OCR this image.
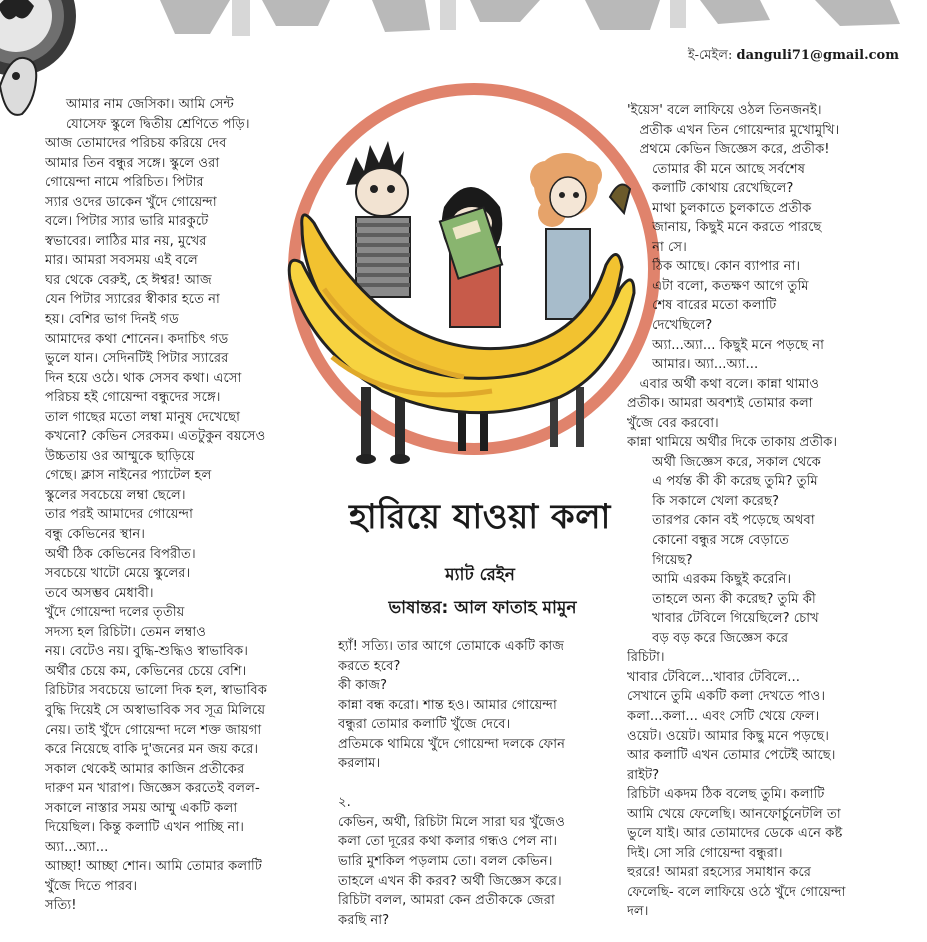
ই-মেইল: danguli71@gmail.com
আমার নাম জেসিকা। আমি সেন্ট
যোসেফ স্কুলে দ্বিতীয় শ্রেণিতে পড়ি।
আজ তোমাদের পরিচয় করিয়ে দেব
আমার তিন বন্ধুর সঙ্গে। স্কুলে ওরা
গোয়েন্দা নামে পরিচিত। পিটার
স্যার ওদের ডাকেন খুঁদে গোয়েন্দা
বলে। পিটার স্যার ভারি মারকুটে
স্বভাবের। লাঠির মার নয়, মুখের
মার। আমরা সবসময় এই বলে
ঘর থেকে বেরুই, হে ঈশ্বর! আজ
যেন পিটার স্যারের স্বীকার হতে না
হয়। বেশির ভাগ দিনই গড
আমাদের কথা শোনেন। কদাচিৎ গড
ভুলে যান। সেদিনটিই পিটার স্যারের
দিন হয়ে ওঠে। থাক সেসব কথা। এসো
পরিচয় হই গোয়েন্দা বন্ধুদের সঙ্গে।
তাল গাছের মতো লম্বা মানুষ দেখেছো
কখনো? কেভিন সেরকম। এতটুকুন বয়সেও
উচ্চতায় ওর আম্মুকে ছাড়িয়ে
গেছে। ক্লাস নাইনের প্যাটেল হল
স্কুলের সবচেয়ে লম্বা ছেলে।
তার পরই আমাদের গোয়েন্দা
বন্ধু কেভিনের স্থান।
অর্থী ঠিক কেভিনের বিপরীত।
সবচেয়ে খাটো মেয়ে স্কুলের।
তবে অসম্ভব মেধাবী।
খুঁদে গোয়েন্দা দলের তৃতীয়
সদস্য হল রিচিটা। তেমন লম্বাও
নয়। বেটেও নয়। বুদ্ধি-শুদ্ধিও স্বাভাবিক।
অর্থীর চেয়ে কম, কেভিনের চেয়ে বেশি।
রিচিটার সবচেয়ে ভালো দিক হল, স্বাভাবিক
বুদ্ধি দিয়েই সে অস্বাভাবিক সব সূত্র মিলিয়ে
নেয়। তাই খুঁদে গোয়েন্দা দলে শক্ত জায়গা
করে নিয়েছে বাকি দু'জনের মন জয় করে।
সকাল থেকেই আমার কাজিন প্রতীকের
দারুণ মন খারাপ। জিজ্ঞেস করতেই বলল-
সকালে নাস্তার সময় আম্মু একটি কলা
দিয়েছিল। কিন্তু কলাটি এখন পাচ্ছি না।
অ্যা...অ্যা...
আচ্ছা! আচ্ছা শোন। আমি তোমার কলাটি
খুঁজে দিতে পারব।
সত্যি!
হারিয়ে যাওয়া কলা
ম্যাট রেইন
ভাষান্তর: আল ফাতাহ মামুন
হ্যাঁ! সত্যি। তার আগে তোমাকে একটি কাজ
করতে হবে?
কী কাজ?
কান্না বন্ধ করো। শান্ত হও। আমার গোয়েন্দা
বন্ধুরা তোমার কলাটি খুঁজে দেবে।
প্রতিমকে থামিয়ে খুঁদে গোয়েন্দা দলকে ফোন
করলাম।
২.
কেভিন, অর্থী, রিচিটা মিলে সারা ঘর খুঁজেও
কলা তো দূরের কথা কলার গন্ধও পেল না।
ভারি মুশকিল পড়লাম তো। বলল কেভিন।
তাহলে এখন কী করব? অর্থী জিজ্ঞেস করে।
রিচিটা বলল, আমরা কেন প্রতীককে জেরা
করছি না?
'ইয়েস' বলে লাফিয়ে ওঠল তিনজনই।
প্রতীক এখন তিন গোয়েন্দার মুখোমুখি।
প্রথমে কেভিন জিজ্ঞেস করে, প্রতীক!
তোমার কী মনে আছে সর্বশেষ
কলাটি কোথায় রেখেছিলে?
মাথা চুলকাতে চুলকাতে প্রতীক
জানায়, কিছুই মনে করতে পারছে
না সে।
ঠিক আছে। কোন ব্যাপার না।
এটা বলো, কতক্ষণ আগে তুমি
শেষ বারের মতো কলাটি
দেখেছিলে?
অ্যা...অ্যা... কিছুই মনে পড়ছে না
আমার। অ্যা...অ্যা...
এবার অর্থী কথা বলে। কান্না থামাও
প্রতীক। আমরা অবশ্যই তোমার কলা
খুঁজে বের করবো।
কান্না থামিয়ে অর্থীর দিকে তাকায় প্রতীক।
অর্থী জিজ্ঞেস করে, সকাল থেকে
এ পর্যন্ত কী কী করেছ তুমি? তুমি
কি সকালে খেলা করেছ?
তারপর কোন বই পড়েছে অথবা
কোনো বন্ধুর সঙ্গে বেড়াতে
গিয়েছ?
আমি এরকম কিছুই করেনি।
তাহলে অন্য কী করেছ? তুমি কী
খাবার টেবিলে গিয়েছিলে? চোখ
বড় বড় করে জিজ্ঞেস করে
রিচিটা।
খাবার টেবিলে...খাবার টেবিলে...
সেখানে তুমি একটি কলা দেখতে পাও।
কলা...কলা... এবং সেটি খেয়ে ফেল।
ওয়েট। ওয়েট। আমার কিছু মনে পড়ছে।
আর কলাটি এখন তোমার পেটেই আছে।
রাইট?
রিচিটা একদম ঠিক বলেছ তুমি। কলাটি
আমি খেয়ে ফেলেছি। আনফোর্চুনেটলি তা
ভুলে যাই। আর তোমাদের ডেকে এনে কষ্ট
দিই। সো সরি গোয়েন্দা বন্ধুরা।
হুররে! আমরা রহস্যের সমাধান করে
ফেলেছি- বলে লাফিয়ে ওঠে খুঁদে গোয়েন্দা
দল।
